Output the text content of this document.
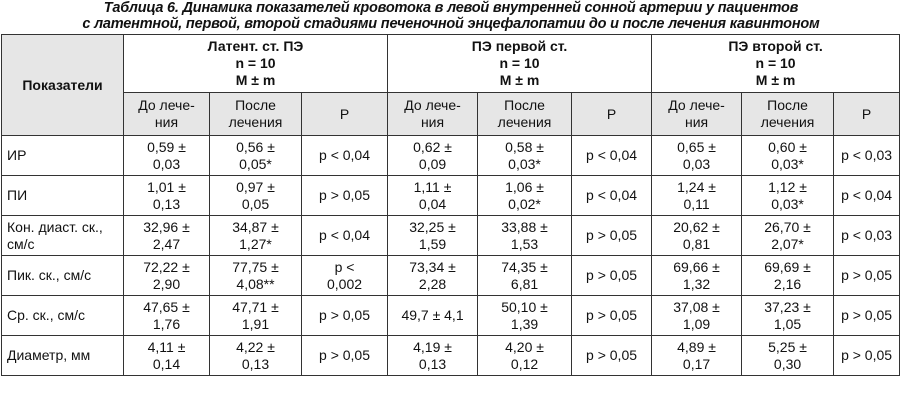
Таблица 6. Динамика показателей кровотока в левой внутренней сонной артерии у пациентов
с латентной, первой, второй стадиями печеночной энцефалопатии до и после лечения кавинтоном
Показатели	Латент. ст. ПЭ
n = 10
M ± m			ПЭ первой ст.
n = 10
M ± m			ПЭ второй ст.
n = 10
M ± m		

	До лече-
ния	После
лечения	P	До лече-
ния	После
лечения	P	До лече-
ния	После
лечения	P

ИР	0,59 ±
0,03	0,56 ±
0,05*	p < 0,04	0,62 ±
0,09	0,58 ±
0,03*	p < 0,04	0,65 ±
0,03	0,60 ±
0,03*	p < 0,03

ПИ	1,01 ±
0,13	0,97 ±
0,05	p > 0,05	1,11 ±
0,04	1,06 ±
0,02*	p < 0,04	1,24 ±
0,11	1,12 ±
0,03*	p < 0,04

Кон. диаст. ск.,
см/с	32,96 ±
2,47	34,87 ±
1,27*	p < 0,04	32,25 ±
1,59	33,88 ±
1,53	p > 0,05	20,62 ±
0,81	26,70 ±
2,07*	p < 0,03

Пик. ск., см/с	72,22 ±
2,90	77,75 ±
4,08**	p <
0,002	73,34 ±
2,28	74,35 ±
6,81	p > 0,05	69,66 ±
1,32	69,69 ±
2,16	p > 0,05

Ср. ск., см/с	47,65 ±
1,76	47,71 ±
1,91	p > 0,05	49,7 ± 4,1	50,10 ±
1,39	p > 0,05	37,08 ±
1,09	37,23 ±
1,05	p > 0,05

Диаметр, мм	4,11 ±
0,14	4,22 ±
0,13	p > 0,05	4,19 ±
0,13	4,20 ±
0,12	p > 0,05	4,89 ±
0,17	5,25 ±
0,30	p > 0,05
